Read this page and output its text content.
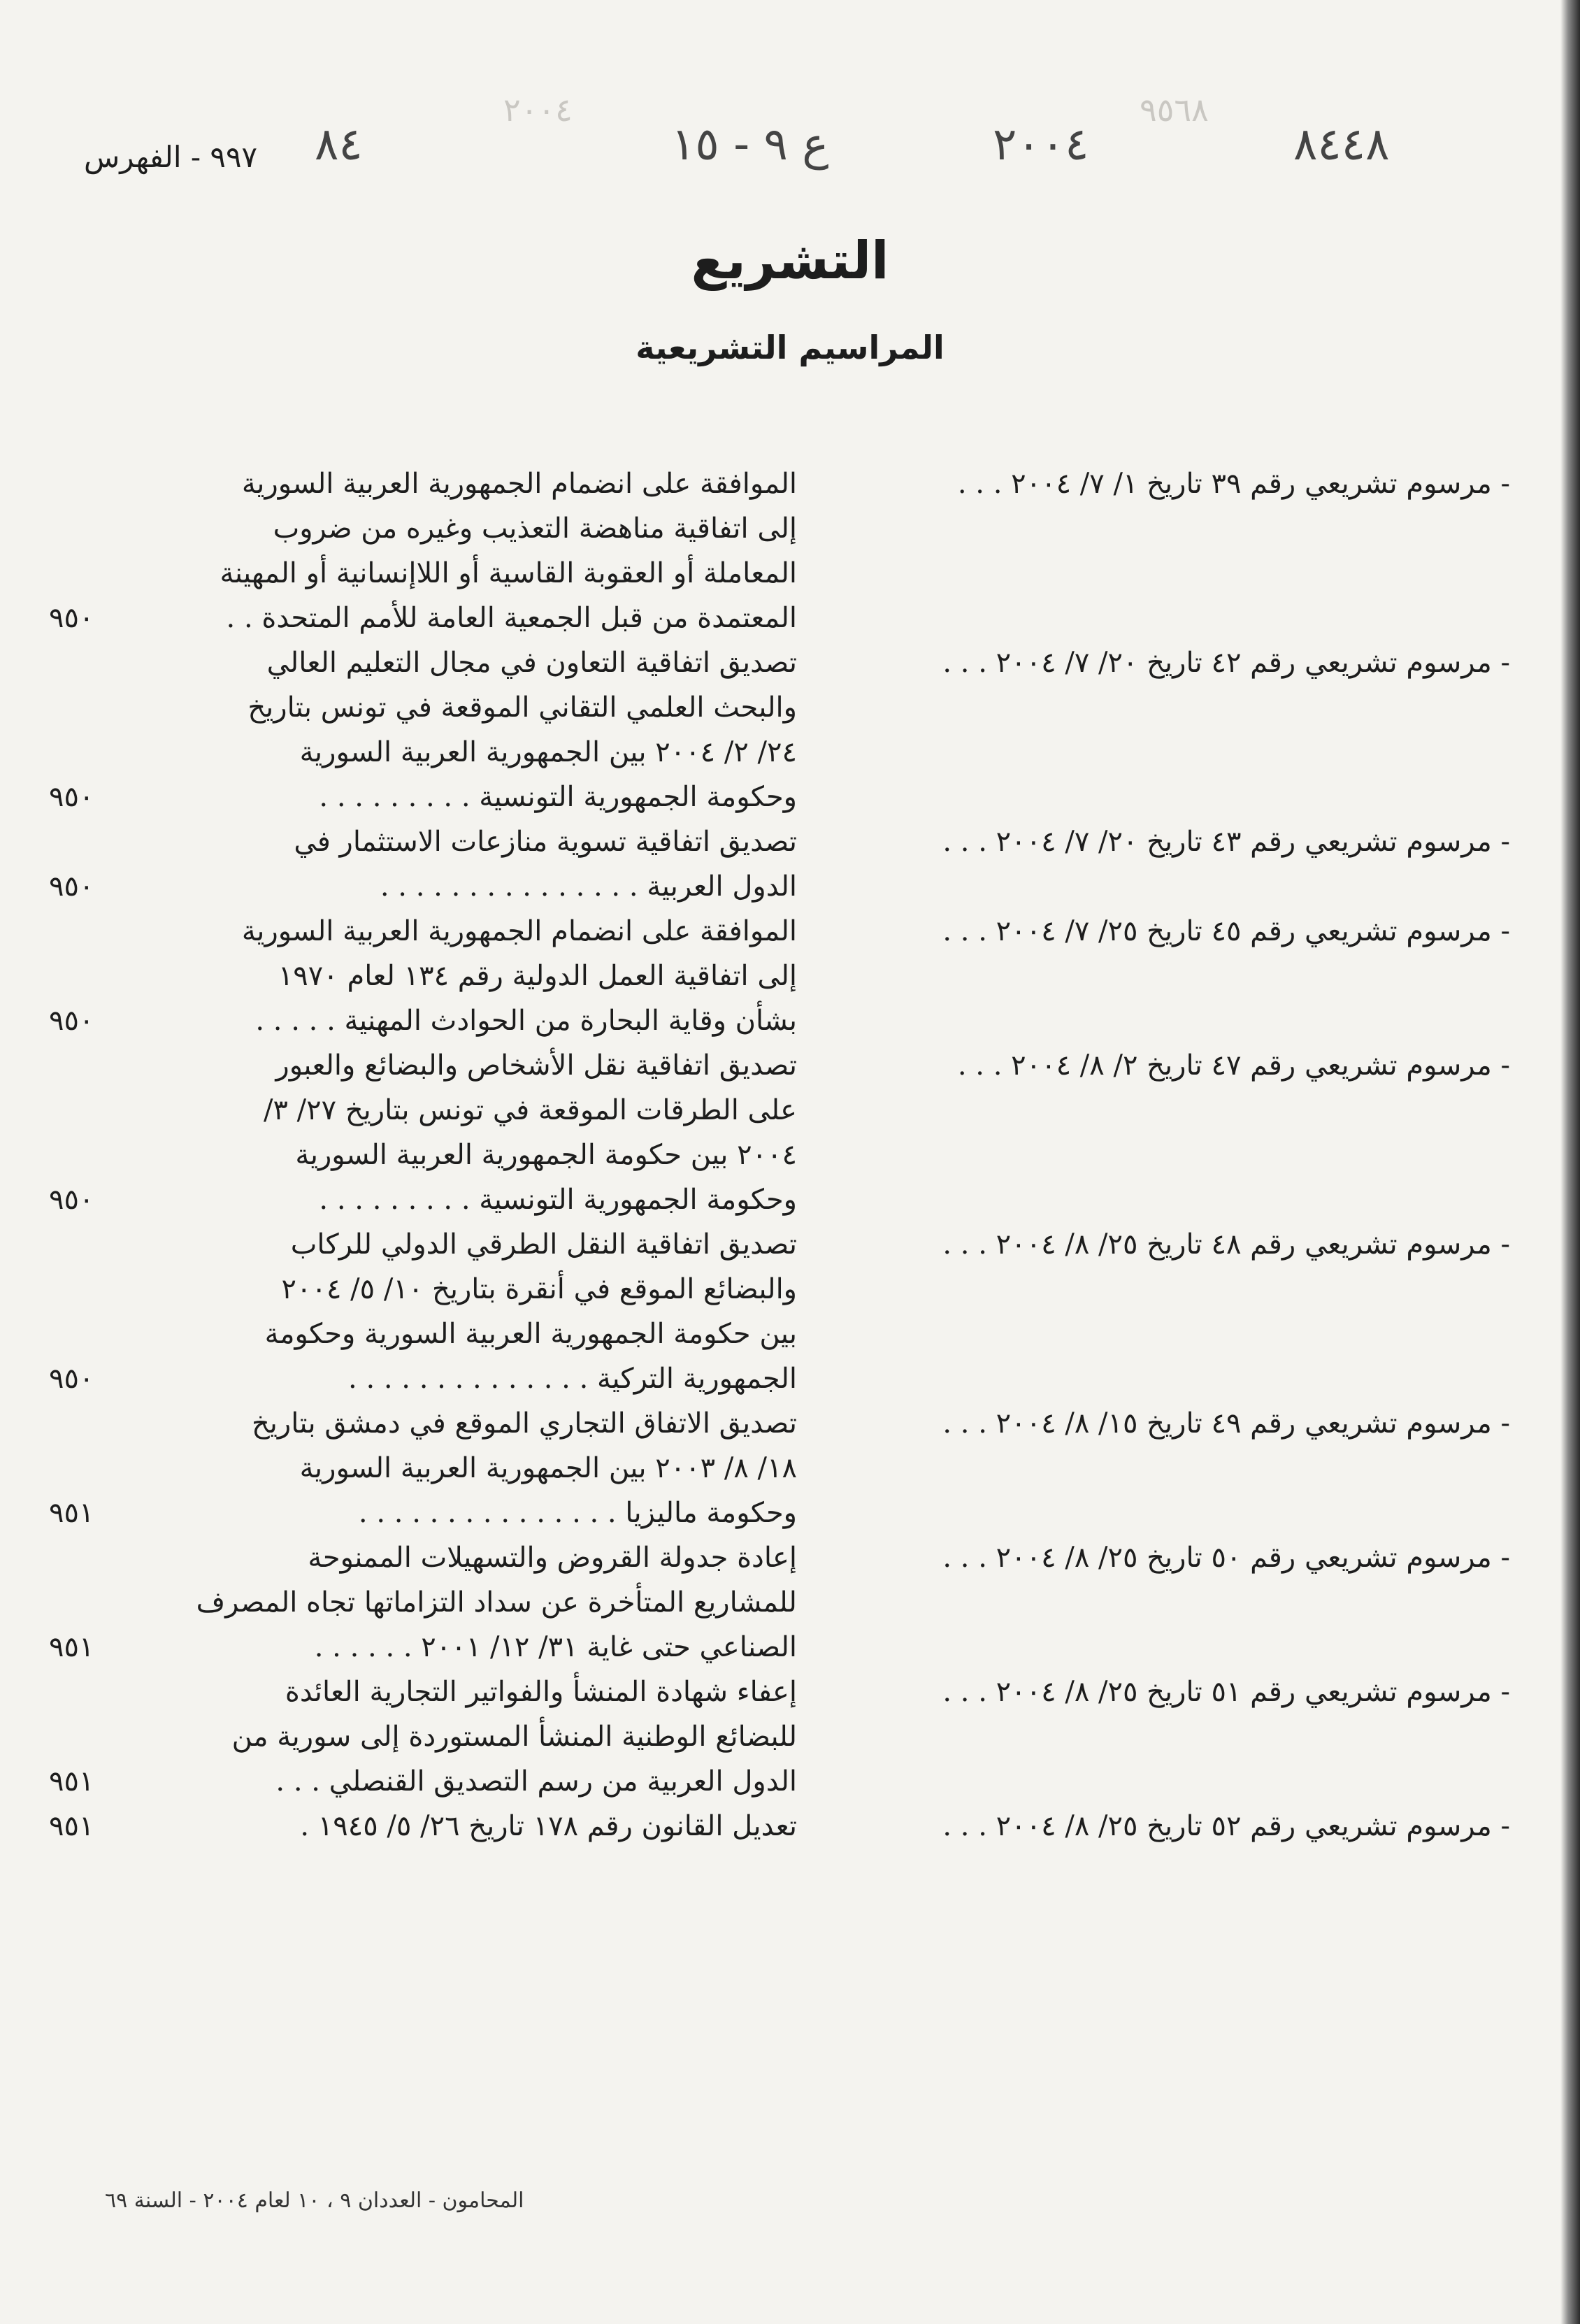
٩٥٦٨
٢٠٠٤
٨٤٤٨
٢٠٠٤
ع ٩ - ١٥
٨٤
٩٩٧ - الفهرس
التشريع
المراسيم التشريعية
- مرسوم تشريعي رقم ٣٩ تاريخ ١/ ٧/ ٢٠٠٤ . . .
الموافقة على انضمام الجمهورية العربية السورية
إلى اتفاقية مناهضة التعذيب وغيره من ضروب
المعاملة أو العقوبة القاسية أو اللاإنسانية أو المهينة
المعتمدة من قبل الجمعية العامة للأمم المتحدة . .
٩٥٠
- مرسوم تشريعي رقم ٤٢ تاريخ ٢٠/ ٧/ ٢٠٠٤ . . .
تصديق اتفاقية التعاون في مجال التعليم العالي
والبحث العلمي التقاني الموقعة في تونس بتاريخ
٢٤/ ٢/ ٢٠٠٤ بين الجمهورية العربية السورية
وحكومة الجمهورية التونسية . . . . . . . . .
٩٥٠
- مرسوم تشريعي رقم ٤٣ تاريخ ٢٠/ ٧/ ٢٠٠٤ . . .
تصديق اتفاقية تسوية منازعات الاستثمار في
الدول العربية . . . . . . . . . . . . . . .
٩٥٠
- مرسوم تشريعي رقم ٤٥ تاريخ ٢٥/ ٧/ ٢٠٠٤ . . .
الموافقة على انضمام الجمهورية العربية السورية
إلى اتفاقية العمل الدولية رقم ١٣٤ لعام ١٩٧٠
بشأن وقاية البحارة من الحوادث المهنية . . . . .
٩٥٠
- مرسوم تشريعي رقم ٤٧ تاريخ ٢/ ٨/ ٢٠٠٤ . . .
تصديق اتفاقية نقل الأشخاص والبضائع والعبور
على الطرقات الموقعة في تونس بتاريخ ٢٧/ ٣/
٢٠٠٤ بين حكومة الجمهورية العربية السورية
وحكومة الجمهورية التونسية . . . . . . . . .
٩٥٠
- مرسوم تشريعي رقم ٤٨ تاريخ ٢٥/ ٨/ ٢٠٠٤ . . .
تصديق اتفاقية النقل الطرقي الدولي للركاب
والبضائع الموقع في أنقرة بتاريخ ١٠/ ٥/ ٢٠٠٤
بين حكومة الجمهورية العربية السورية وحكومة
الجمهورية التركية . . . . . . . . . . . . . .
٩٥٠
- مرسوم تشريعي رقم ٤٩ تاريخ ١٥/ ٨/ ٢٠٠٤ . . .
تصديق الاتفاق التجاري الموقع في دمشق بتاريخ
١٨/ ٨/ ٢٠٠٣ بين الجمهورية العربية السورية
وحكومة ماليزيا . . . . . . . . . . . . . . .
٩٥١
- مرسوم تشريعي رقم ٥٠ تاريخ ٢٥/ ٨/ ٢٠٠٤ . . .
إعادة جدولة القروض والتسهيلات الممنوحة
للمشاريع المتأخرة عن سداد التزاماتها تجاه المصرف
الصناعي حتى غاية ٣١/ ١٢/ ٢٠٠١ . . . . . .
٩٥١
- مرسوم تشريعي رقم ٥١ تاريخ ٢٥/ ٨/ ٢٠٠٤ . . .
إعفاء شهادة المنشأ والفواتير التجارية العائدة
للبضائع الوطنية المنشأ المستوردة إلى سورية من
الدول العربية من رسم التصديق القنصلي . . .
٩٥١
- مرسوم تشريعي رقم ٥٢ تاريخ ٢٥/ ٨/ ٢٠٠٤ . . .
تعديل القانون رقم ١٧٨ تاريخ ٢٦/ ٥/ ١٩٤٥ .
٩٥١
المحامون - العددان ٩ ، ١٠ لعام ٢٠٠٤ - السنة ٦٩
